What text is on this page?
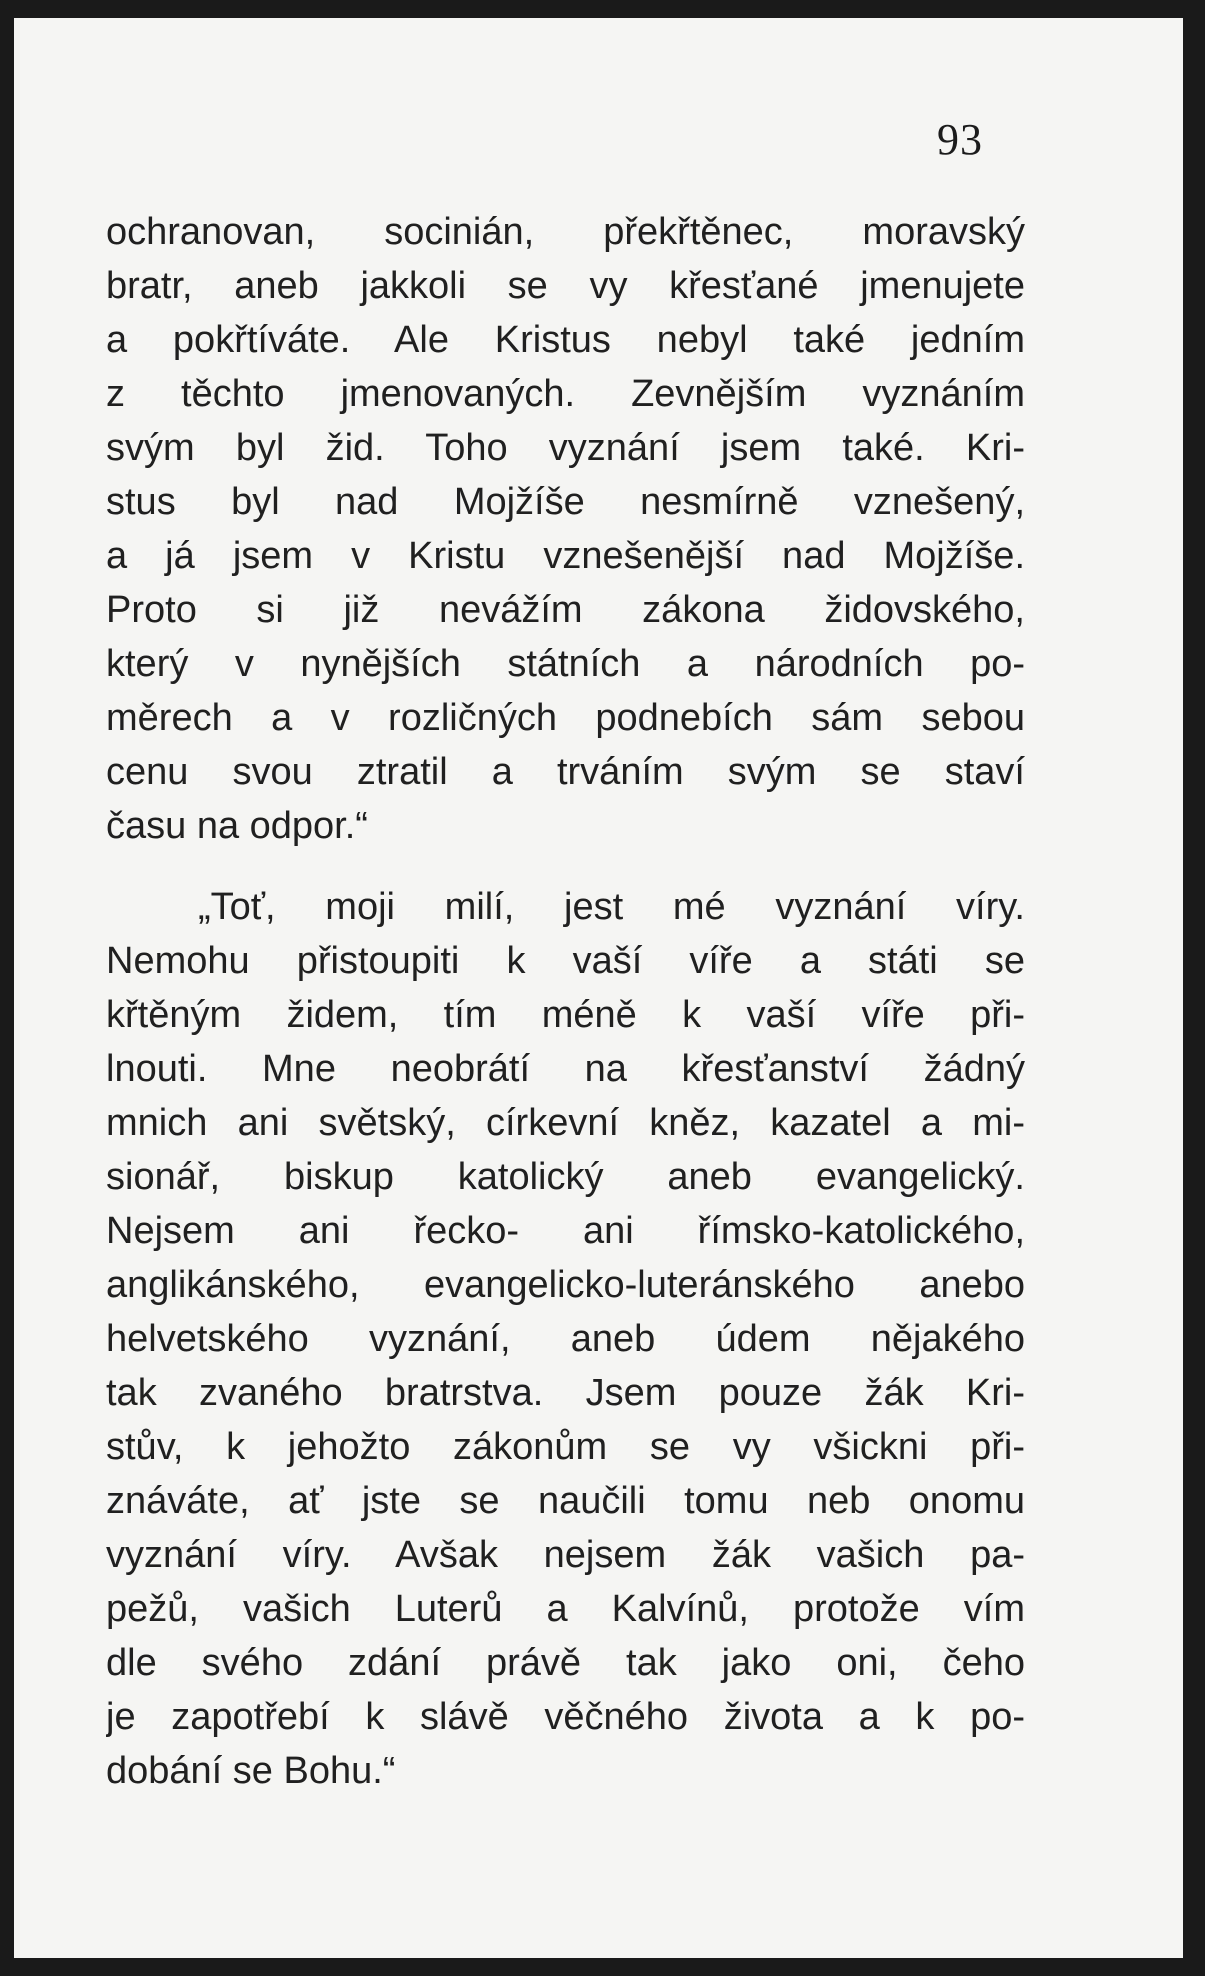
93
ochranovan, socinián, překřtěnec, moravský
bratr, aneb jakkoli se vy křesťané jmenujete
a pokřtíváte. Ale Kristus nebyl také jedním
z těchto jmenovaných. Zevnějším vyznáním
svým byl žid. Toho vyznání jsem také. Kri-
stus byl nad Mojžíše nesmírně vznešený,
a já jsem v Kristu vznešenější nad Mojžíše.
Proto si již nevážím zákona židovského,
který v nynějších státních a národních po-
měrech a v rozličných podnebích sám sebou
cenu svou ztratil a trváním svým se staví
času na odpor.“
„Toť, moji milí, jest mé vyznání víry.
Nemohu přistoupiti k vaší víře a státi se
křtěným židem, tím méně k vaší víře při-
lnouti. Mne neobrátí na křesťanství žádný
mnich ani světský, církevní kněz, kazatel a mi-
sionář, biskup katolický aneb evangelický.
Nejsem ani řecko- ani římsko-katolického,
anglikánského, evangelicko-luteránského anebo
helvetského vyznání, aneb údem nějakého
tak zvaného bratrstva. Jsem pouze žák Kri-
stův, k jehožto zákonům se vy všickni při-
znáváte, ať jste se naučili tomu neb onomu
vyznání víry. Avšak nejsem žák vašich pa-
pežů, vašich Luterů a Kalvínů, protože vím
dle svého zdání právě tak jako oni, čeho
je zapotřebí k slávě věčného života a k po-
dobání se Bohu.“
